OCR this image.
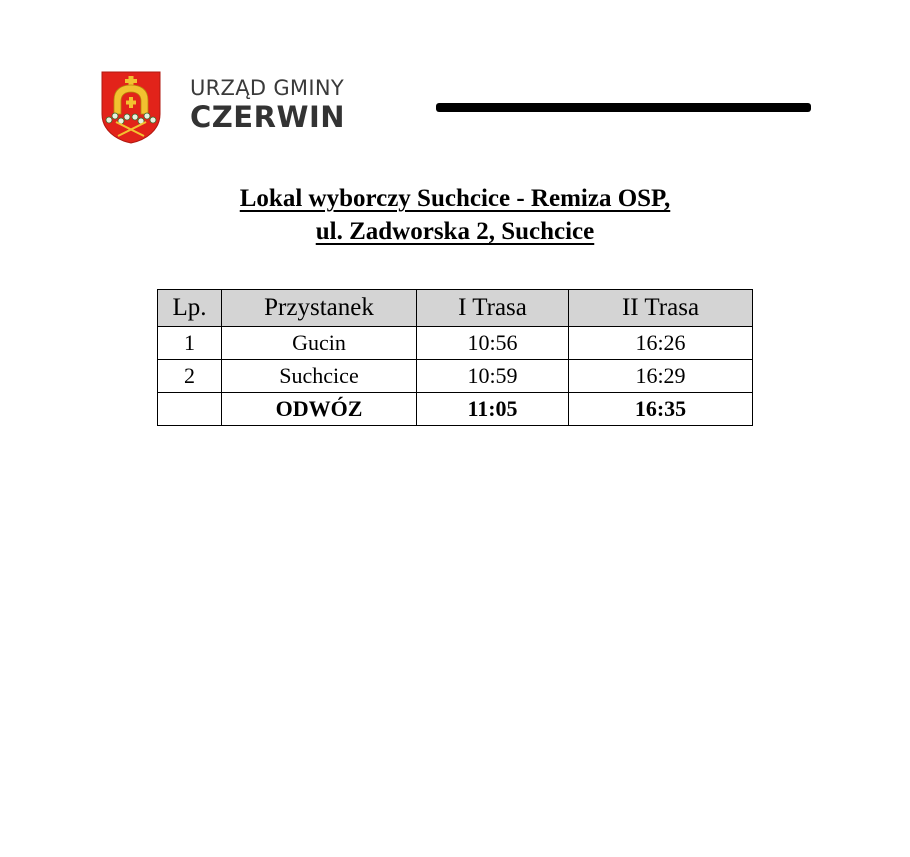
URZĄD GMINY
CZERWIN
Lokal wyborczy Suchcice - Remiza OSP,
ul. Zadworska 2, Suchcice
Lp.	Przystanek	I Trasa	II Trasa
1	Gucin	10:56	16:26
2	Suchcice	10:59	16:29
	ODWÓZ	11:05	16:35
